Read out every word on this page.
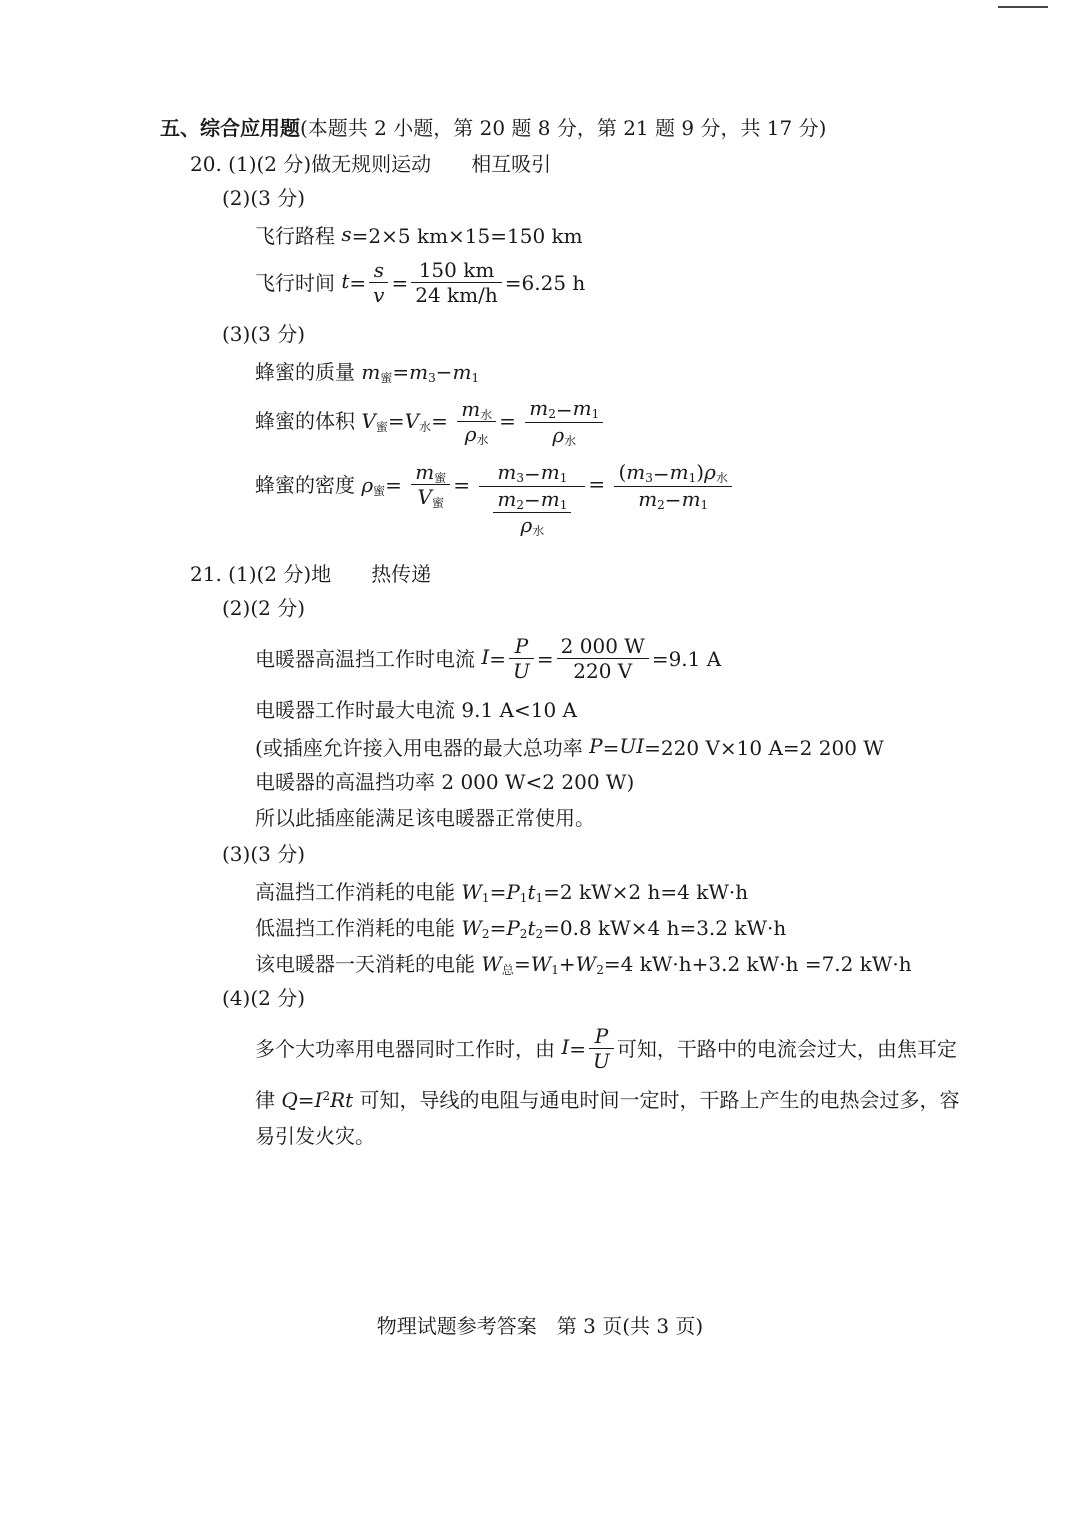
五、综合应用题(本题共 2 小题，第 20 题 8 分，第 21 题 9 分，共 17 分)
20. (1)(2 分)做无规则运动 相互吸引
(2)(3 分)
飞行路程 s=2×5 km×15=150 km
飞行时间 $t= \frac{s}{v} = \frac{150 km}{24 km/h} =6.25$ h
(3)(3 分)
蜂蜜的质量 $m_蜜=m_3-m_1$
蜂蜜的体积 $V_蜜=V_水= \frac{m_水}{\rho_水} = \frac{m_2-m_1}{\rho_水}$
蜂蜜的密度 $\rho_蜜= \frac{m_蜜}{V_蜜} = \frac{m_3-m_1}{\frac{m_2-m_1}{\rho_水}} = \frac{(m_3-m_1)\rho_水}{m_2-m_1}$
21. (1)(2 分)地 热传递
(2)(2 分)
电暖器高温挡工作时电流 $I= \frac{P}{U} = \frac{2 000 W}{220 V} =9.1$ A
电暖器工作时最大电流 9.1 A<10 A
(或插座允许接入用电器的最大总功率 P=UI=220 V×10 A=2 200 W
电暖器的高温挡功率 2 000 W<2 200 W)
所以此插座能满足该电暖器正常使用。
(3)(3 分)
高温挡工作消耗的电能 $W_1=P_1t_1=2$ kW×2 h=4 kW·h
低温挡工作消耗的电能 $W_2=P_2t_2=0.8$ kW×4 h=3.2 kW·h
该电暖器一天消耗的电能 $W_总=W_1+W_2=4$ kW·h+3.2 kW·h =7.2 kW·h
(4)(2 分)
多个大功率用电器同时工作时，由 $I= \frac{P}{U}$ 可知，干路中的电流会过大，由焦耳定
律 $Q=I^2Rt$ 可知，导线的电阻与通电时间一定时，干路上产生的电热会过多，容
易引发火灾。
物理试题参考答案　第 3 页(共 3 页)
